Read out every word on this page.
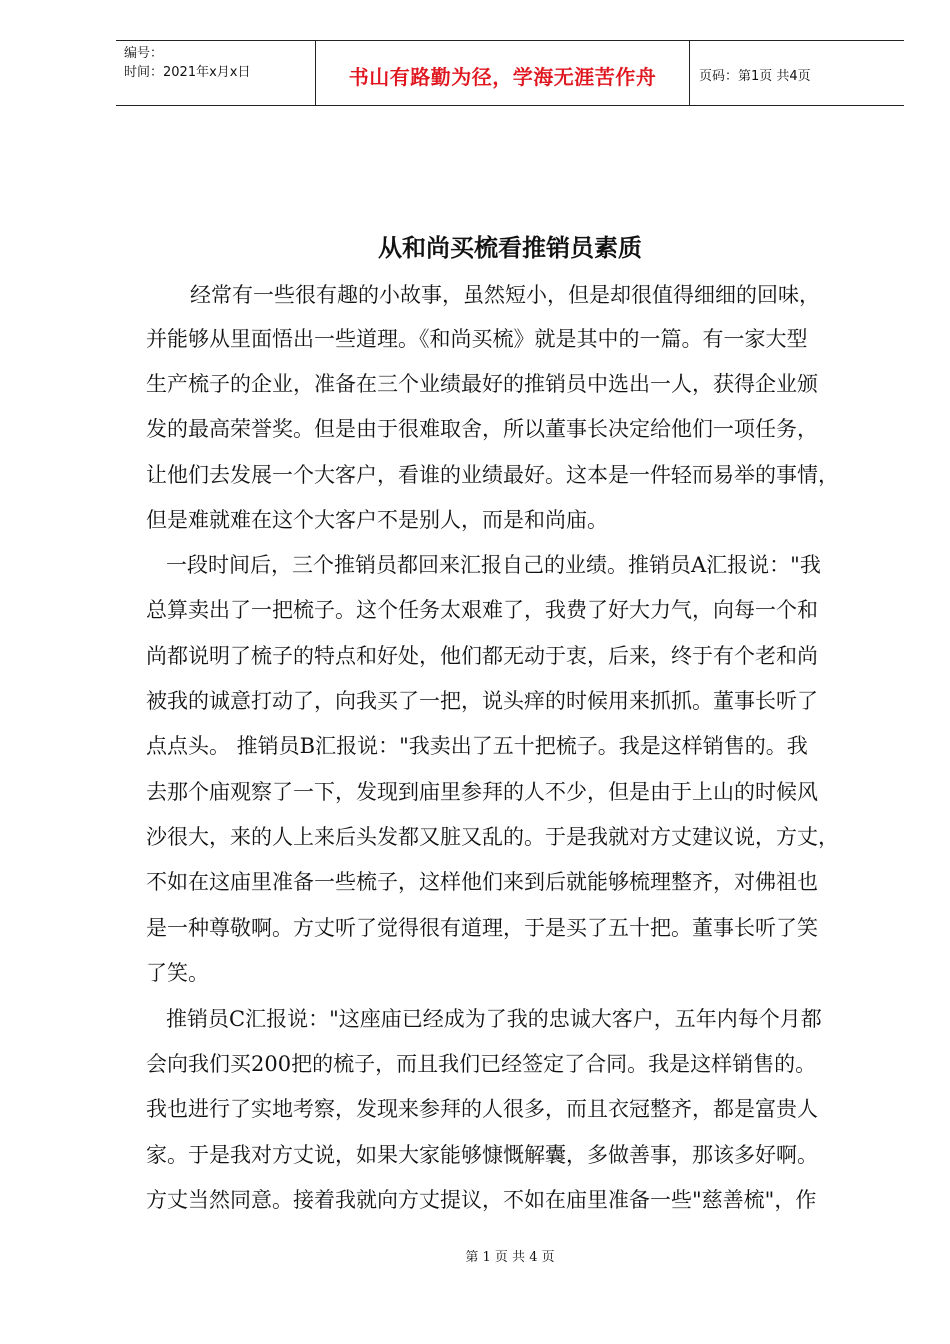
编号：
时间：2021年x月x日	书山有路勤为径，学海无涯苦作舟	页码：第1页 共4页
从和尚买梳看推销员素质
经常有一些很有趣的小故事，虽然短小，但是却很值得细细的回味，
并能够从里面悟出一些道理。《和尚买梳》就是其中的一篇。有一家大型
生产梳子的企业，准备在三个业绩最好的推销员中选出一人，获得企业颁
发的最高荣誉奖。但是由于很难取舍，所以董事长决定给他们一项任务，
让他们去发展一个大客户，看谁的业绩最好。这本是一件轻而易举的事情，
但是难就难在这个大客户不是别人，而是和尚庙。
一段时间后，三个推销员都回来汇报自己的业绩。推销员A汇报说："我
总算卖出了一把梳子。这个任务太艰难了，我费了好大力气，向每一个和
尚都说明了梳子的特点和好处，他们都无动于衷，后来，终于有个老和尚
被我的诚意打动了，向我买了一把，说头痒的时候用来抓抓。董事长听了
点点头。 推销员B汇报说："我卖出了五十把梳子。我是这样销售的。我
去那个庙观察了一下，发现到庙里参拜的人不少，但是由于上山的时候风
沙很大，来的人上来后头发都又脏又乱的。于是我就对方丈建议说，方丈，
不如在这庙里准备一些梳子，这样他们来到后就能够梳理整齐，对佛祖也
是一种尊敬啊。方丈听了觉得很有道理，于是买了五十把。董事长听了笑
了笑。
推销员C汇报说："这座庙已经成为了我的忠诚大客户，五年内每个月都
会向我们买200把的梳子，而且我们已经签定了合同。我是这样销售的。
我也进行了实地考察，发现来参拜的人很多，而且衣冠整齐，都是富贵人
家。于是我对方丈说，如果大家能够慷慨解囊，多做善事，那该多好啊。
方丈当然同意。接着我就向方丈提议，不如在庙里准备一些"慈善梳"，作
第 1 页 共 4 页
